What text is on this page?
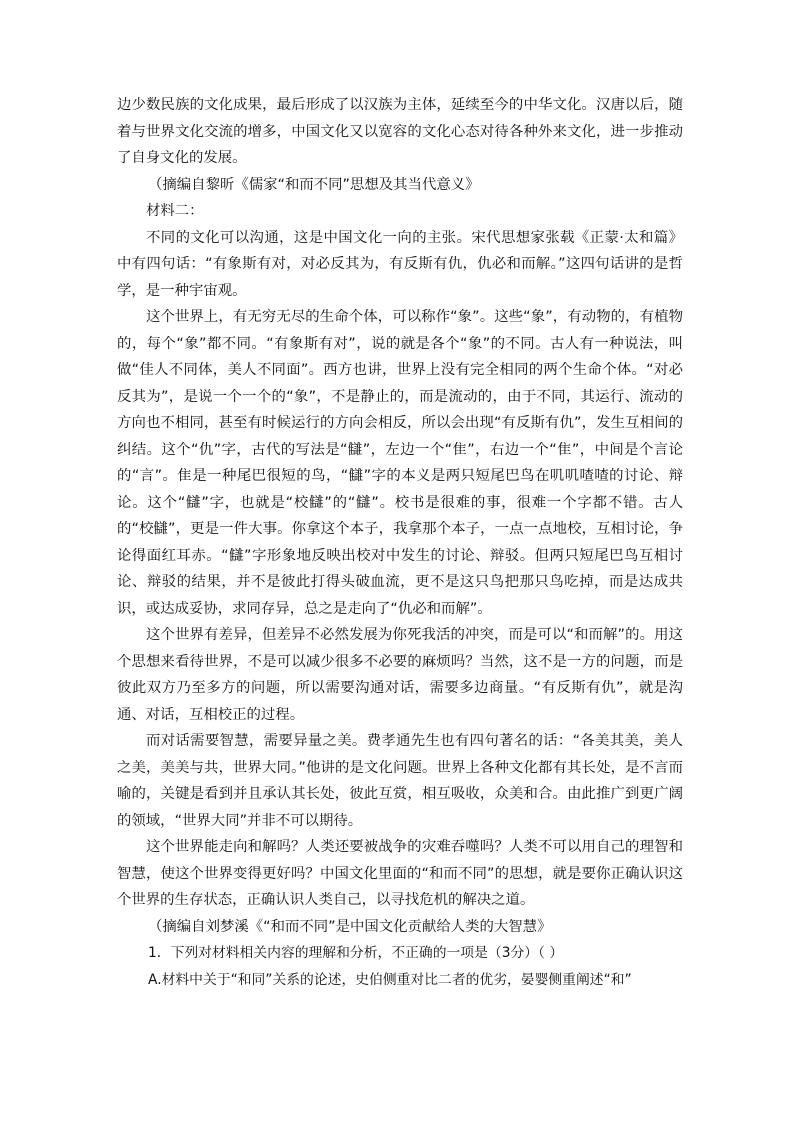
边少数民族的文化成果，最后形成了以汉族为主体，延续至今的中华文化。汉唐以后，随着与世界文化交流的增多，中国文化又以宽容的文化心态对待各种外来文化，进一步推动了自身文化的发展。

（摘编自黎昕《儒家“和而不同”思想及其当代意义》

材料二：

不同的文化可以沟通，这是中国文化一向的主张。宋代思想家张载《正蒙·太和篇》中有四句话：“有象斯有对，对必反其为，有反斯有仇，仇必和而解。”这四句话讲的是哲学，是一种宇宙观。

这个世界上，有无穷无尽的生命个体，可以称作“象”。这些“象”，有动物的，有植物的，每个“象”都不同。“有象斯有对”，说的就是各个“象”的不同。古人有一种说法，叫做“佳人不同体，美人不同面”。西方也讲，世界上没有完全相同的两个生命个体。“对必反其为”，是说一个一个的“象”，不是静止的，而是流动的，由于不同，其运行、流动的方向也不相同，甚至有时候运行的方向会相反，所以会出现“有反斯有仇”，发生互相间的纠结。这个“仇”字，古代的写法是“讎”，左边一个“隹”，右边一个“隹”，中间是个言论的“言”。隹是一种尾巴很短的鸟，“讎”字的本义是两只短尾巴鸟在叽叽喳喳的讨论、辩论。这个“讎”字，也就是“校讎”的“讎”。校书是很难的事，很难一个字都不错。古人的“校讎”，更是一件大事。你拿这个本子，我拿那个本子，一点一点地校，互相讨论，争论得面红耳赤。“讎”字形象地反映出校对中发生的讨论、辩驳。但两只短尾巴鸟互相讨论、辩驳的结果，并不是彼此打得头破血流，更不是这只鸟把那只鸟吃掉，而是达成共识，或达成妥协，求同存异，总之是走向了“仇必和而解”。

这个世界有差异，但差异不必然发展为你死我活的冲突，而是可以“和而解”的。用这个思想来看待世界，不是可以减少很多不必要的麻烦吗？当然，这不是一方的问题，而是彼此双方乃至多方的问题，所以需要沟通对话，需要多边商量。“有反斯有仇”，就是沟通、对话，互相校正的过程。

而对话需要智慧，需要异量之美。费孝通先生也有四句著名的话：“各美其美，美人之美，美美与共，世界大同。”他讲的是文化问题。世界上各种文化都有其长处，是不言而喻的，关键是看到并且承认其长处，彼此互赏，相互吸收，众美和合。由此推广到更广阔的领域，“世界大同”并非不可以期待。

这个世界能走向和解吗？人类还要被战争的灾难吞噬吗？人类不可以用自己的理智和智慧，使这个世界变得更好吗？中国文化里面的“和而不同”的思想，就是要你正确认识这个世界的生存状态，正确认识人类自己，以寻找危机的解决之道。

（摘编自刘梦溪《“和而不同”是中国文化贡献给人类的大智慧》

1．下列对材料相关内容的理解和分析，不正确的一项是（3分）（ ）

A.材料中关于“和同”关系的论述，史伯侧重对比二者的优劣，晏婴侧重阐述“和”
